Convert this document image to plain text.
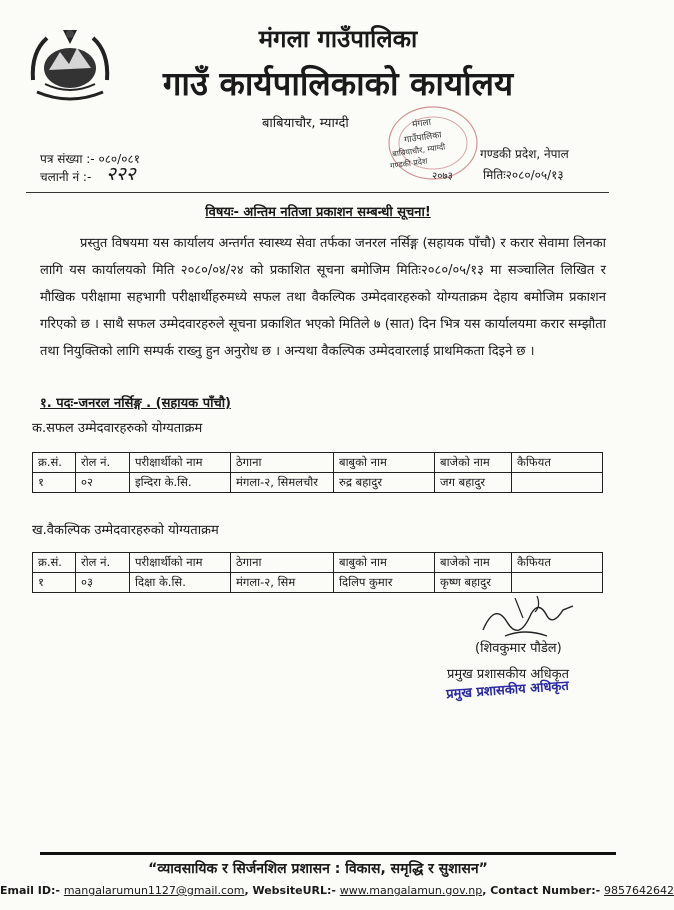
मंगला गाउँपालिका
गाउँ कार्यपालिकाको कार्यालय
बाबियाचौर, म्याग्दी	मंगला
गाउँपालिका
बाबियाचौर, म्याग्दी
गण्डकी प्रदेश
२०७३
पत्र संख्या :- ०८०/०८१
चलानी नं :- २२२
गण्डकी प्रदेश, नेपाल
मितिः२०८०/०५/१३
विषयः- अन्तिम नतिजा प्रकाशन सम्बन्धी सूचना!
प्रस्तुत विषयमा यस कार्यालय अन्तर्गत स्वास्थ्य सेवा तर्फका जनरल नर्सिङ्ग (सहायक पाँचौ) र करार सेवामा लिनका लागि यस कार्यालयको मिति २०८०/०४/२४ को प्रकाशित सूचना बमोजिम मितिः२०८०/०५/१३ मा सञ्चालित लिखित र मौखिक परीक्षामा सहभागी परीक्षार्थीहरुमध्ये सफल तथा वैकल्पिक उम्मेदवारहरुको योग्यताक्रम देहाय बमोजिम प्रकाशन गरिएको छ । साथै सफल उम्मेदवारहरुले सूचना प्रकाशित भएको मितिले ७ (सात) दिन भित्र यस कार्यालयमा करार सम्झौता तथा नियुक्तिको लागि सम्पर्क राख्नु हुन अनुरोध छ । अन्यथा वैकल्पिक उम्मेदवारलाई प्राथमिकता दिइने छ ।
१. पदः-जनरल नर्सिङ्ग . (सहायक पाँचौ)
क.सफल उम्मेदवारहरुको योग्यताक्रम
क्र.सं.	रोल नं.	परीक्षार्थीको नाम	ठेगाना	बाबुको नाम	बाजेको नाम	कैफियत
१	०२	इन्दिरा के.सि.	मंगला-२, सिमलचौर	रुद्र बहादुर	जग बहादुर	
ख.वैकल्पिक उम्मेदवारहरुको योग्यताक्रम
क्र.सं.	रोल नं.	परीक्षार्थीको नाम	ठेगाना	बाबुको नाम	बाजेको नाम	कैफियत
१	०३	दिक्षा के.सि.	मंगला-२, सिम	दिलिप कुमार	कृष्ण बहादुर	
(शिवकुमार पौडेल)
प्रमुख प्रशासकीय अधिकृत
प्रमुख प्रशासकीय अधिकृत
“व्यावसायिक र सिर्जनशिल प्रशासन : विकास, समृद्धि र सुशासन”
Email ID:- mangalarumun1127@gmail.com, WebsiteURL:- www.mangalamun.gov.np, Contact Number:- 9857642642
